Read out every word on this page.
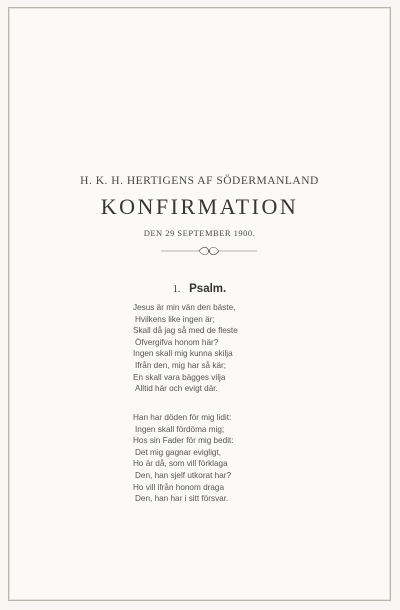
H. K. H. HERTIGENS AF SÖDERMANLAND
KONFIRMATION
DEN 29 SEPTEMBER 1900.
1. Psalm.
Jesus är min vän den bäste,
Hvilkens like ingen är;
Skall då jag så med de fleste
Öfvergifva honom här?
Ingen skall mig kunna skilja
Ifrån den, mig har så kär;
En skall vara bägges vilja
Alltid här och evigt där.
Han har döden för mig lidit:
Ingen skall fördöma mig;
Hos sin Fader för mig bedit:
Det mig gagnar evigligt,
Ho är då, som vill förklaga
Den, han sjelf utkorat har?
Ho vill ifrån honom draga
Den, han har i sitt försvar.
